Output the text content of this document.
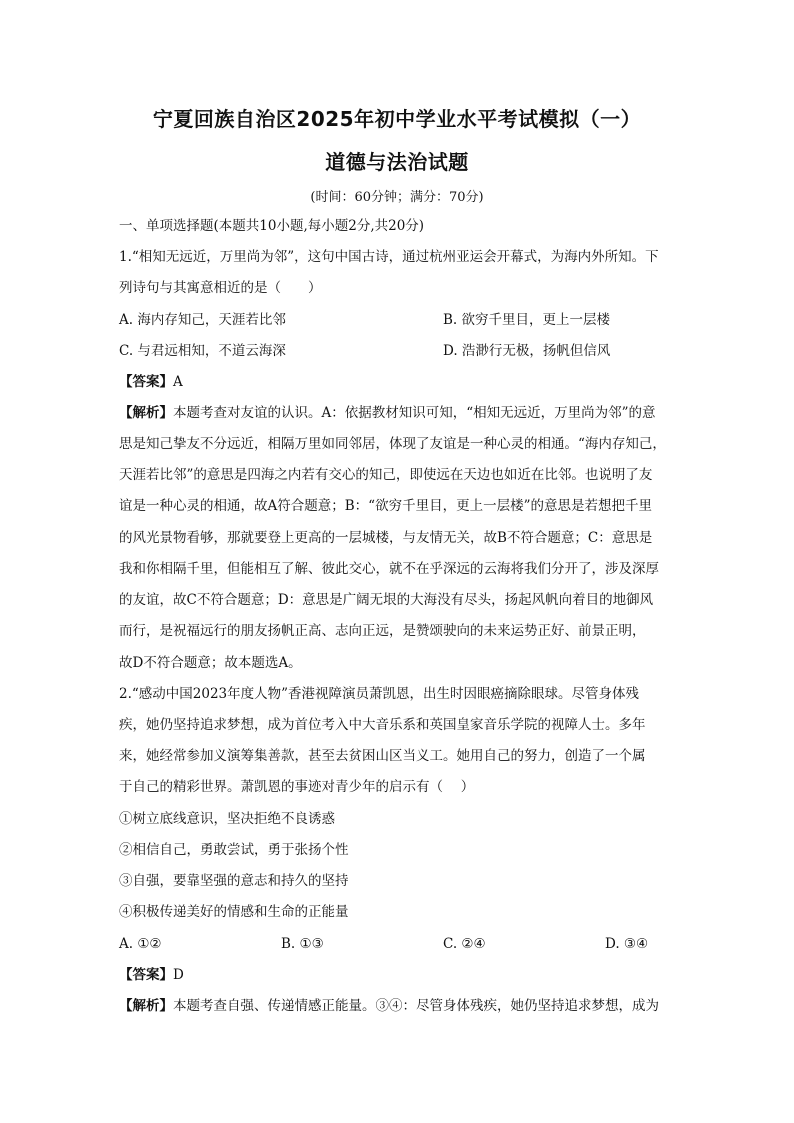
宁夏回族自治区2025年初中学业水平考试模拟（一）
道德与法治试题
(时间：60分钟；满分：70分)
一、单项选择题(本题共10小题,每小题2分,共20分)
1.“相知无远近，万里尚为邻”，这句中国古诗，通过杭州亚运会开幕式，为海内外所知。下
列诗句与其寓意相近的是（　　）
A. 海内存知己，天涯若比邻	B. 欲穷千里目，更上一层楼
C. 与君远相知，不道云海深	D. 浩渺行无极，扬帆但信风
【答案】A
【解析】本题考查对友谊的认识。A：依据教材知识可知，“相知无远近，万里尚为邻”的意
思是知己挚友不分远近，相隔万里如同邻居，体现了友谊是一种心灵的相通。“海内存知己，
天涯若比邻”的意思是四海之内若有交心的知己，即使远在天边也如近在比邻。也说明了友
谊是一种心灵的相通，故A符合题意；B：“欲穷千里目，更上一层楼”的意思是若想把千里
的风光景物看够，那就要登上更高的一层城楼，与友情无关，故B不符合题意；C：意思是
我和你相隔千里，但能相互了解、彼此交心，就不在乎深远的云海将我们分开了，涉及深厚
的友谊，故C不符合题意；D：意思是广阔无垠的大海没有尽头，扬起风帆向着目的地御风
而行，是祝福远行的朋友扬帆正高、志向正远，是赞颂驶向的未来运势正好、前景正明，
故D不符合题意；故本题选A。
2.“感动中国2023年度人物”香港视障演员萧凯恩，出生时因眼癌摘除眼球。尽管身体残
疾，她仍坚持追求梦想，成为首位考入中大音乐系和英国皇家音乐学院的视障人士。多年
来，她经常参加义演筹集善款，甚至去贫困山区当义工。她用自己的努力，创造了一个属
于自己的精彩世界。萧凯恩的事迹对青少年的启示有（　 ）
①树立底线意识，坚决拒绝不良诱惑
②相信自己，勇敢尝试，勇于张扬个性
③自强，要靠坚强的意志和持久的坚持
④积极传递美好的情感和生命的正能量
A. ①②	B. ①③	C. ②④	D. ③④
【答案】D
【解析】本题考查自强、传递情感正能量。③④：尽管身体残疾，她仍坚持追求梦想，成为
